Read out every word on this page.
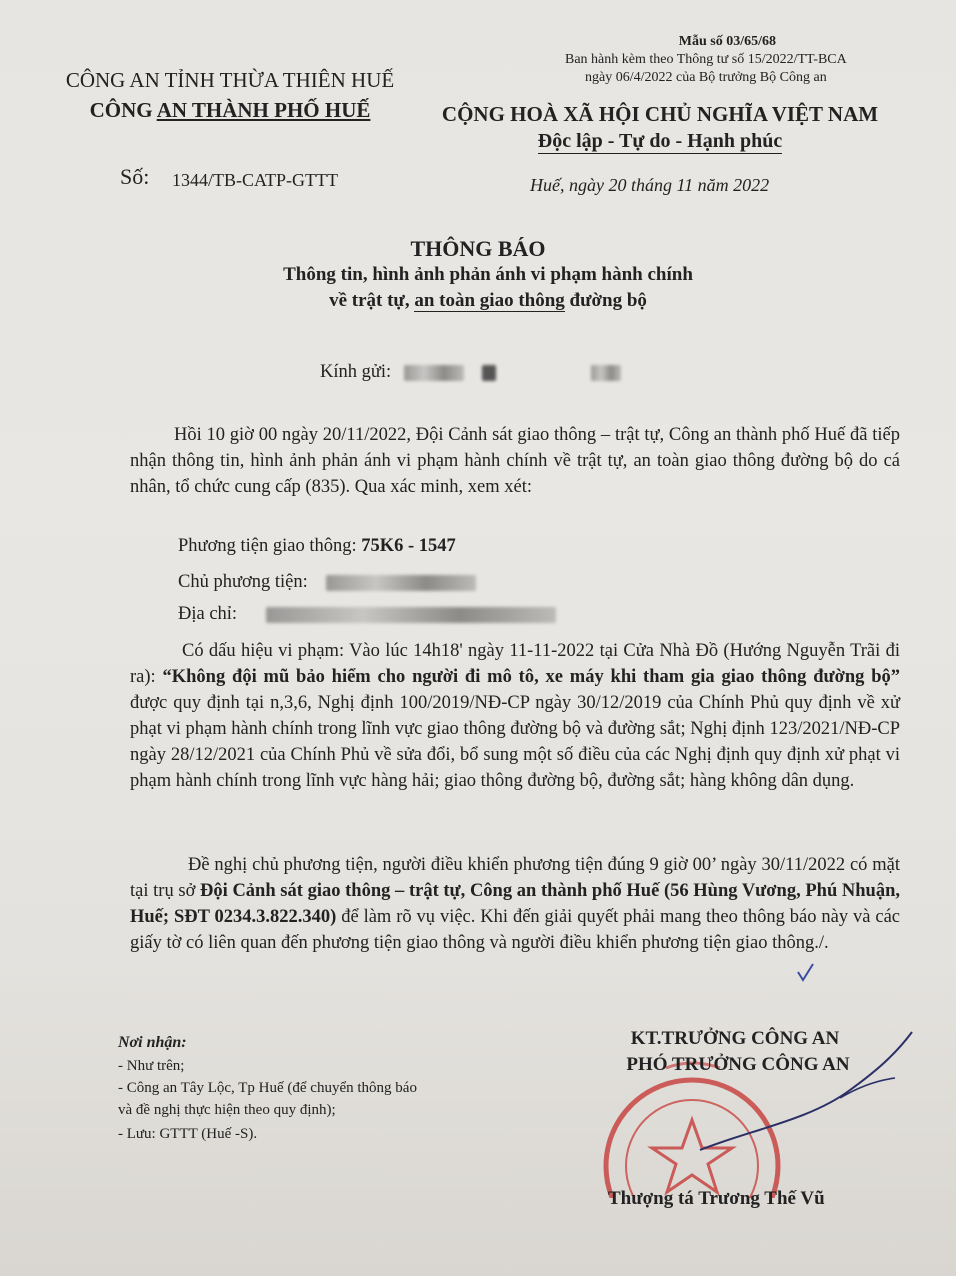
Mẫu số 03/65/68
Ban hành kèm theo Thông tư số 15/2022/TT-BCA
ngày 06/4/2022 của Bộ trưởng Bộ Công an
CÔNG AN TỈNH THỪA THIÊN HUẾ
CÔNG AN THÀNH PHỐ HUẾ	CỘNG HOÀ XÃ HỘI CHỦ NGHĨA VIỆT NAM
Độc lập - Tự do - Hạnh phúc
Số: 1344/TB-CATP-GTTT	Huế, ngày 20 tháng 11 năm 2022
THÔNG BÁO
Thông tin, hình ảnh phản ánh vi phạm hành chính
về trật tự, an toàn giao thông đường bộ
Kính gửi:
Hồi 10 giờ 00 ngày 20/11/2022, Đội Cảnh sát giao thông – trật tự, Công an thành phố Huế đã tiếp nhận thông tin, hình ảnh phản ánh vi phạm hành chính về trật tự, an toàn giao thông đường bộ do cá nhân, tổ chức cung cấp (835). Qua xác minh, xem xét:
Phương tiện giao thông: 75K6 - 1547
Chủ phương tiện:
Địa chỉ:
Có dấu hiệu vi phạm: Vào lúc 14h18' ngày 11-11-2022 tại Cửa Nhà Đồ (Hướng Nguyễn Trãi đi ra): “Không đội mũ bảo hiểm cho người đi mô tô, xe máy khi tham gia giao thông đường bộ” được quy định tại n,3,6, Nghị định 100/2019/NĐ-CP ngày 30/12/2019 của Chính Phủ quy định về xử phạt vi phạm hành chính trong lĩnh vực giao thông đường bộ và đường sắt; Nghị định 123/2021/NĐ-CP ngày 28/12/2021 của Chính Phủ về sửa đổi, bổ sung một số điều của các Nghị định quy định xử phạt vi phạm hành chính trong lĩnh vực hàng hải; giao thông đường bộ, đường sắt; hàng không dân dụng.
Đề nghị chủ phương tiện, người điều khiển phương tiện đúng 9 giờ 00’ ngày 30/11/2022 có mặt tại trụ sở Đội Cảnh sát giao thông – trật tự, Công an thành phố Huế (56 Hùng Vương, Phú Nhuận, Huế; SĐT 0234.3.822.340) để làm rõ vụ việc. Khi đến giải quyết phải mang theo thông báo này và các giấy tờ có liên quan đến phương tiện giao thông và người điều khiển phương tiện giao thông./.
Nơi nhận:
- Như trên;
- Công an Tây Lộc, Tp Huế (để chuyển thông báo
và đề nghị thực hiện theo quy định);
- Lưu: GTTT (Huế -S).
KT.TRƯỞNG CÔNG AN
PHÓ TRƯỞNG CÔNG AN
Thượng tá Trương Thế Vũ
